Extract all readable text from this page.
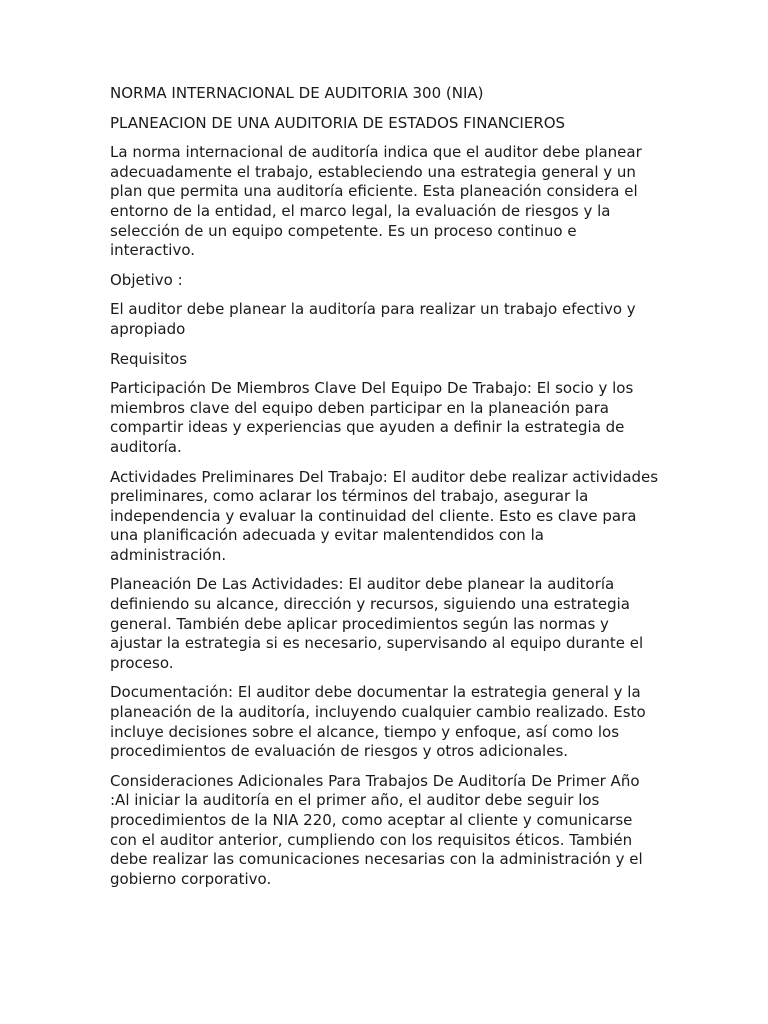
NORMA INTERNACIONAL DE AUDITORIA 300 (NIA)

PLANEACION DE UNA AUDITORIA DE ESTADOS FINANCIEROS

La norma internacional de auditoría indica que el auditor debe planear adecuadamente el trabajo, estableciendo una estrategia general y un plan que permita una auditoría eficiente. Esta planeación considera el entorno de la entidad, el marco legal, la evaluación de riesgos y la selección de un equipo competente. Es un proceso continuo e interactivo.

Objetivo :

El auditor debe planear la auditoría para realizar un trabajo efectivo y apropiado

Requisitos

Participación De Miembros Clave Del Equipo De Trabajo: El socio y los miembros clave del equipo deben participar en la planeación para compartir ideas y experiencias que ayuden a definir la estrategia de auditoría.

Actividades Preliminares Del Trabajo: El auditor debe realizar actividades preliminares, como aclarar los términos del trabajo, asegurar la independencia y evaluar la continuidad del cliente. Esto es clave para una planificación adecuada y evitar malentendidos con la administración.

Planeación De Las Actividades: El auditor debe planear la auditoría definiendo su alcance, dirección y recursos, siguiendo una estrategia general. También debe aplicar procedimientos según las normas y ajustar la estrategia si es necesario, supervisando al equipo durante el proceso.

Documentación: El auditor debe documentar la estrategia general y la planeación de la auditoría, incluyendo cualquier cambio realizado. Esto incluye decisiones sobre el alcance, tiempo y enfoque, así como los procedimientos de evaluación de riesgos y otros adicionales.

Consideraciones Adicionales Para Trabajos De Auditoría De Primer Año :Al iniciar la auditoría en el primer año, el auditor debe seguir los procedimientos de la NIA 220, como aceptar al cliente y comunicarse con el auditor anterior, cumpliendo con los requisitos éticos. También debe realizar las comunicaciones necesarias con la administración y el gobierno corporativo.
